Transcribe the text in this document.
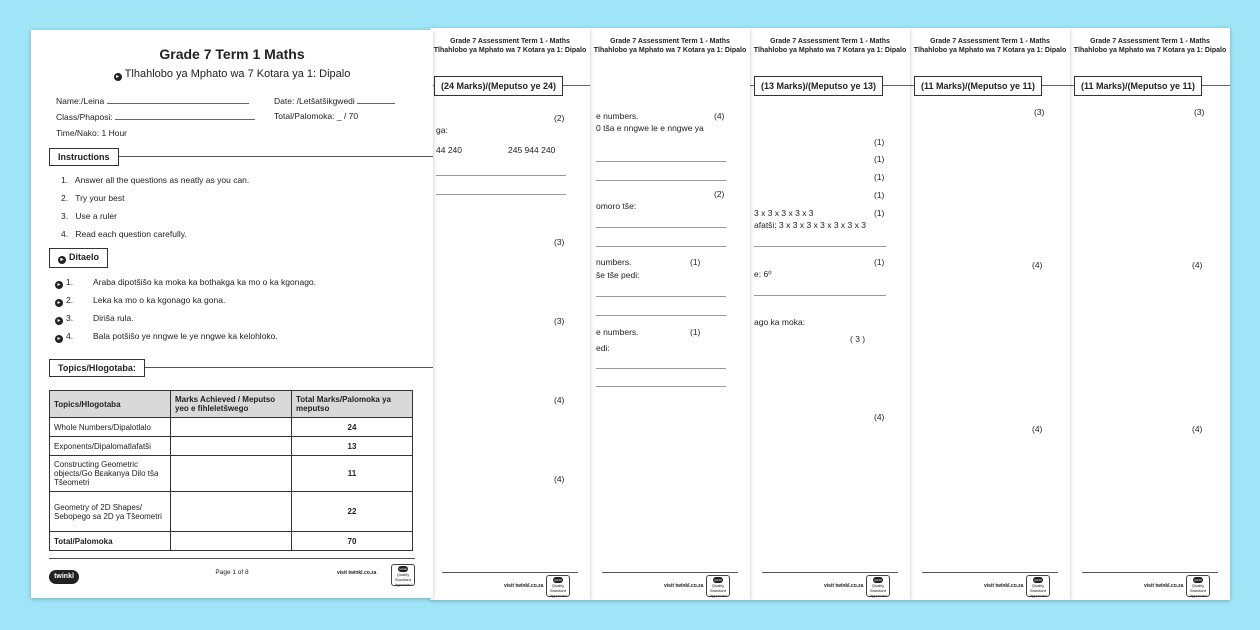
Grade 7 Assessment Term 1 - Maths
Tlhahlobo ya Mphato wa 7 Kotara ya 1: Dipalo
(11 Marks)/(Meputso ye 11)
(3)
(4)
(4)
visit twinkl.co.za
twinkl
Quality Standard Approved
Grade 7 Assessment Term 1 - Maths
Tlhahlobo ya Mphato wa 7 Kotara ya 1: Dipalo
(11 Marks)/(Meputso ye 11)
(3)
(4)
(4)
visit twinkl.co.za
twinkl
Quality Standard Approved
Grade 7 Assessment Term 1 - Maths
Tlhahlobo ya Mphato wa 7 Kotara ya 1: Dipalo
(13 Marks)/(Meputso ye 13)
(1)
(1)
(1)
(1)
3 x 3 x 3 x 3 x 3	(1)
afatši: 3 x 3 x 3 x 3 x 3 x 3 x 3
(1)
e: 6⁰
ago ka moka:
( 3 )
(4)
visit twinkl.co.za
twinkl
Quality Standard Approved
Grade 7 Assessment Term 1 - Maths
Tlhahlobo ya Mphato wa 7 Kotara ya 1: Dipalo
e numbers.	(4)
0 tša e nngwe le e nngwe ya
(2)
omoro tše:
numbers.	(1)
še tše pedi:
e numbers.	(1)
edi:
visit twinkl.co.za
twinkl
Quality Standard Approved
Grade 7 Assessment Term 1 - Maths
Tlhahlobo ya Mphato wa 7 Kotara ya 1: Dipalo
(24 Marks)/(Meputso ye 24)
(2)
ga:
44 240	245 944 240
(3)
(3)
(4)
(4)
visit twinkl.co.za
twinkl
Quality Standard Approved
Grade 7 Term 1 Maths
▸ Tlhahlobo ya Mphato wa 7 Kotara ya 1: Dipalo
Name:/Leina	Date: /Letšatšikgwedi
Class/Phaposi:	Total/Palomoka: _ / 70
Time/Nako: 1 Hour
Instructions
1. Answer all the questions as neatly as you can.
2. Try your best
3. Use a ruler
4. Read each question carefully.
▸ Ditaelo
▸ 1. Araba dipotšišo ka moka ka bothakga ka mo o ka kgonago.
▸ 2. Leka ka mo o ka kgonago ka gona.
▸ 3. Diriša rula.
▸ 4. Bala potšišo ye nngwe le ye nngwe ka kelohloko.
Topics/Hlogotaba:
Topics/Hlogotaba	Marks Achieved / Meputso yeo e fihleletšwego	Total Marks/Palomoka ya meputso
Whole Numbers/Dipalotlalo		24
Exponents/Dipalomatlafatši		13
Constructing Geometric objects/Go Bᴇakanya Dilo tša Tšeometri		11
Geometry of 2D Shapes/ Sebopego sa 2D ya Tšeometri		22
Total/Palomoka		70
twinkl
Page 1 of 8	visit twinkl.co.za
twinkl
Quality Standard Approved
